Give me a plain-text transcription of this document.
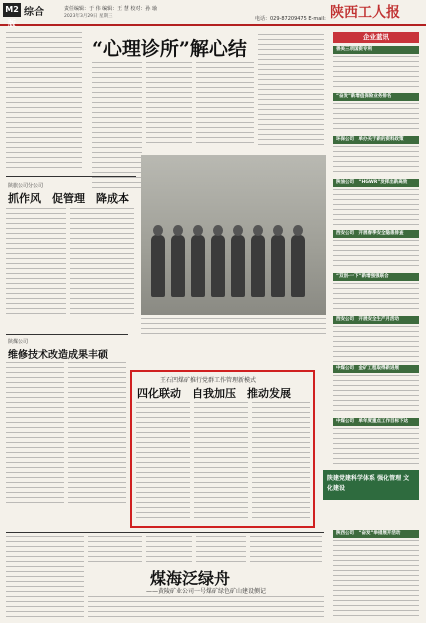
M2版
综合	责任编辑：于 伟 编辑：王 慧 校对：孙 瑜
2023年3月29日 星期三	陕西工人报
电话：029-87209475 E-mail:
“心理诊所”解心结
陕旅公司分公司
抓作风　促管理　降成本
陕煤公司
维修技术改造成果丰硕
王石凹煤矿推行党群工作管理新模式
四化联动　自我加压　推动发展
煤海泛绿舟
——黄陵矿业公司一号煤矿绿色矿山建设侧记
企业蓝讯
善美三项国资专利
“奋发”新增值保险业务排名
环保公司　单办关于新的资料政策
陕油公司　“HGWR”发挥出新高效
西安公司　开展春季安全隐患排查
“双创·一下”新增强强联合
西安公司　开展安全生产月活动
中煤公司　金矿工程取得新进展
中煤公司　单年度重点工作目标下达
陕建党建科学体系 强化管理 文化建设
陕西公司　“奋发”举措展开活动
